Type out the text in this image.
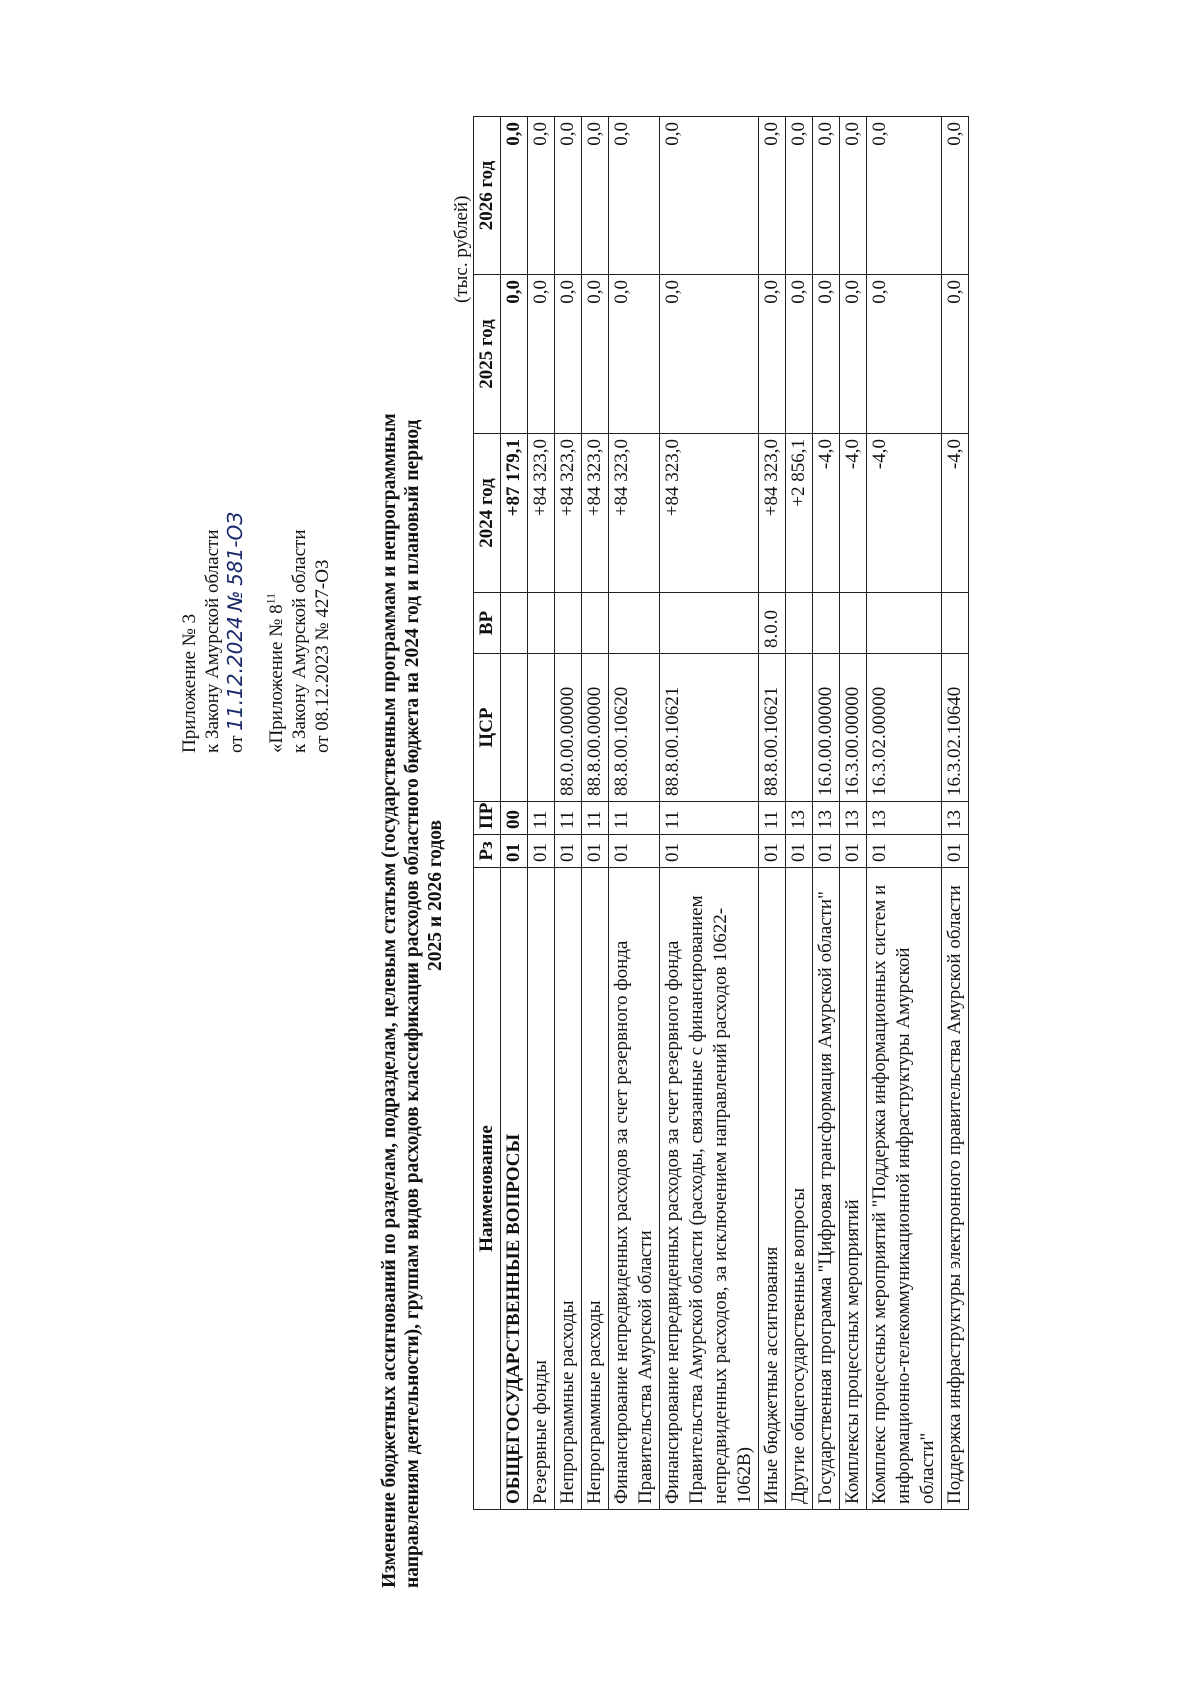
Приложение № 3 к Закону Амурской области от 11.12.2024 № 581-ОЗ
«Приложение № $8^{11}$ к Закону Амурской области от 08.12.2023 № 427-ОЗ Изменение бюджетных ассигнований по разделам, подразделам, целевым статьям (государственным программам и непрограммным направлениям деятельности), группам видов расходов классификации расходов областного бюджета на 2024 год и плановый период 2025 и 2026 годов
(тыс. рублей)
Наименование	Рз	ПР	ЦСР	ВР	2024 год	2025 год	2026 год
ОБЩЕГОСУДАРСТВЕННЫЕ ВОПРОСЫ	01	00			+87 179,1	0,0	0,0
Резервные фонды	01	11			+84 323,0	0,0	0,0
Непрограммные расходы	01	11	88.0.00.00000		+84 323,0	0,0	0,0
Непрограммные расходы	01	11	88.8.00.00000		+84 323,0	0,0	0,0
Финансирование непредвиденных расходов за счет резервного фонда Правительства Амурской области	01	11	88.8.00.10620		+84 323,0	0,0	0,0
Финансирование непредвиденных расходов за счет резервного фонда Правительства Амурской области (расходы, связанные с финансированием непредвиденных расходов, за исключением направлений расходов 10622-1062В)	01	11	88.8.00.10621		+84 323,0	0,0	0,0
Иные бюджетные ассигнования	01	11	88.8.00.10621	8.0.0	+84 323,0	0,0	0,0
Другие общегосударственные вопросы	01	13			+2 856,1	0,0	0,0
Государственная программа "Цифровая трансформация Амурской области"	01	13	16.0.00.00000		-4,0	0,0	0,0
Комплексы процессных мероприятий	01	13	16.3.00.00000		-4,0	0,0	0,0
Комплекс процессных мероприятий "Поддержка информационных систем и информационно-телекоммуникационной инфраструктуры Амурской области"	01	13	16.3.02.00000		-4,0	0,0	0,0
Поддержка инфраструктуры электронного правительства Амурской области	01	13	16.3.02.10640		-4,0	0,0	0,0
